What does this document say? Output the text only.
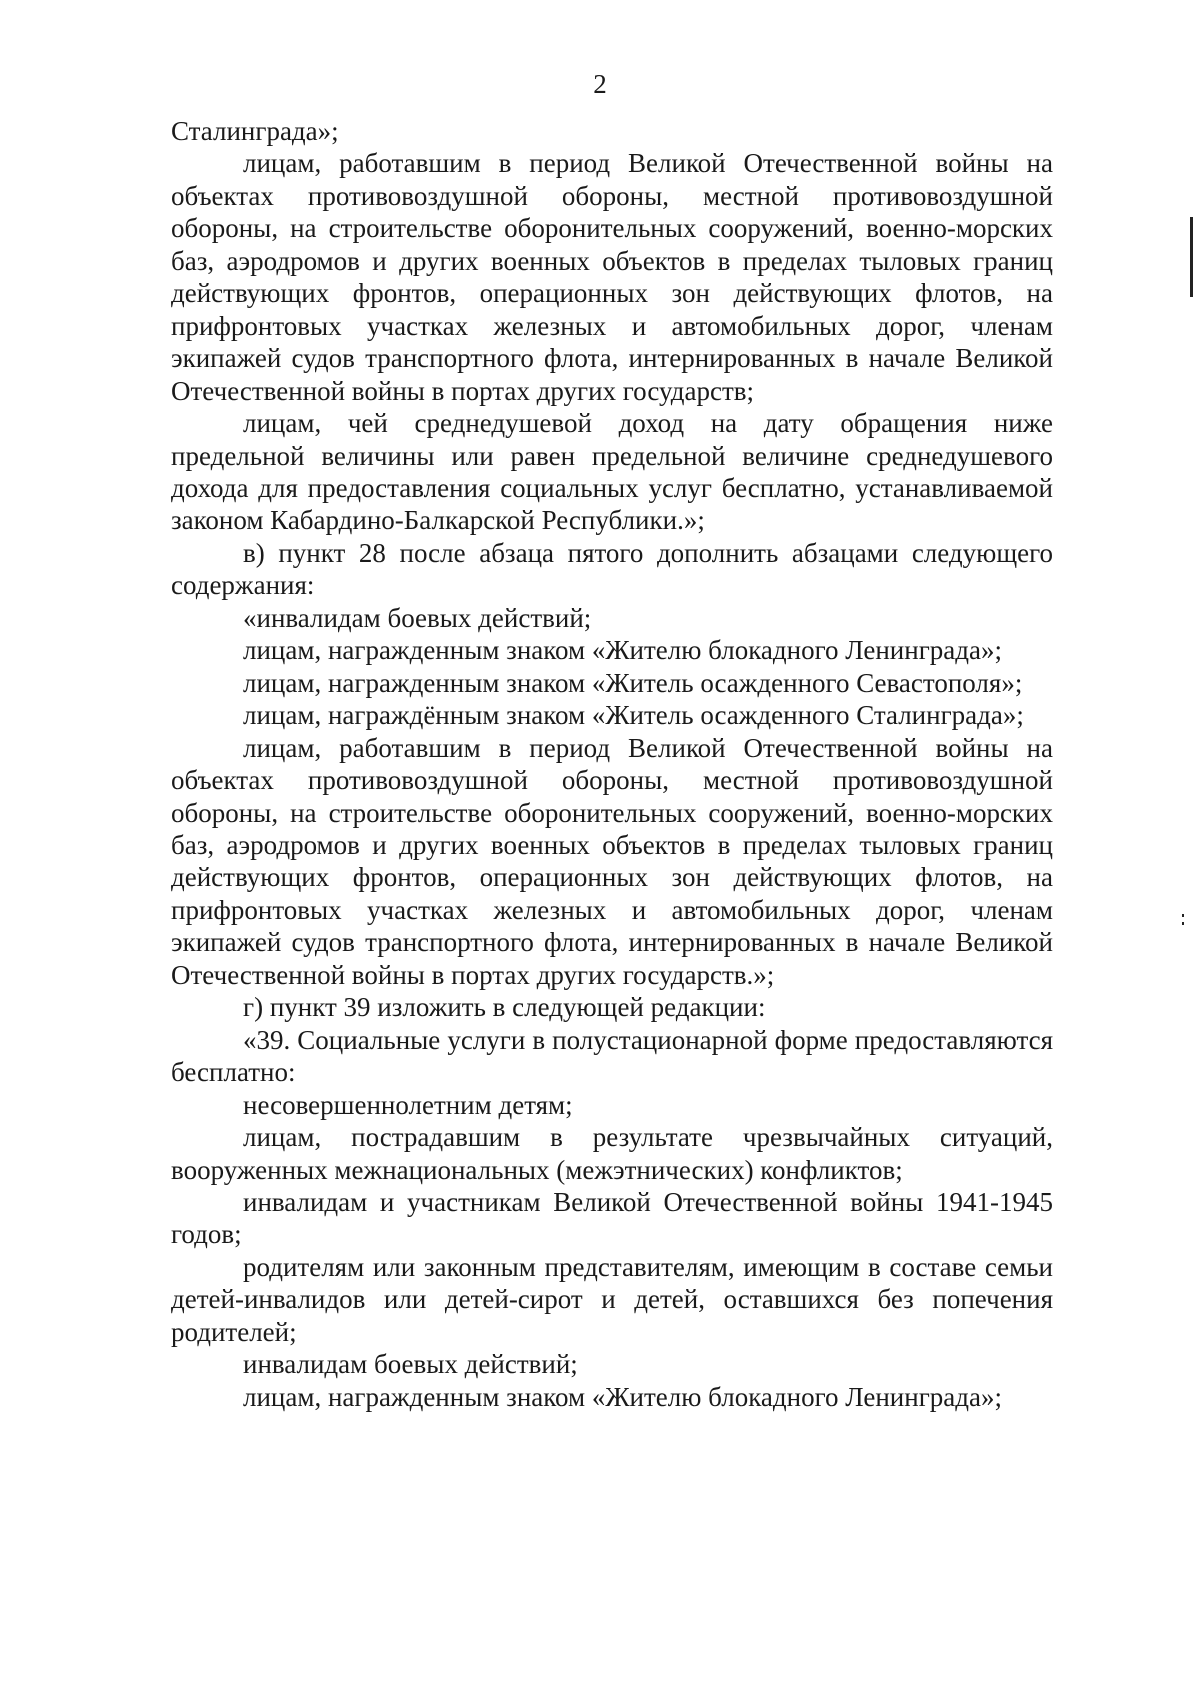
2

Сталинграда»;

лицам, работавшим в период Великой Отечественной войны на объектах противовоздушной обороны, местной противовоздушной обороны, на строительстве оборонительных сооружений, военно-морских баз, аэродромов и других военных объектов в пределах тыловых границ действующих фронтов, операционных зон действующих флотов, на прифронтовых участках железных и автомобильных дорог, членам экипажей судов транспортного флота, интернированных в начале Великой Отечественной войны в портах других государств;

лицам, чей среднедушевой доход на дату обращения ниже предельной величины или равен предельной величине среднедушевого дохода для предоставления социальных услуг бесплатно, устанавливаемой законом Кабардино-Балкарской Республики.»;

в) пункт 28 после абзаца пятого дополнить абзацами следующего содержания:

«инвалидам боевых действий;

лицам, награжденным знаком «Жителю блокадного Ленинграда»;

лицам, награжденным знаком «Житель осажденного Севастополя»;

лицам, награждённым знаком «Житель осажденного Сталинграда»;

лицам, работавшим в период Великой Отечественной войны на объектах противовоздушной обороны, местной противовоздушной обороны, на строительстве оборонительных сооружений, военно-морских баз, аэродромов и других военных объектов в пределах тыловых границ действующих фронтов, операционных зон действующих флотов, на прифронтовых участках железных и автомобильных дорог, членам экипажей судов транспортного флота, интернированных в начале Великой Отечественной войны в портах других государств.»;

г) пункт 39 изложить в следующей редакции:

«39. Социальные услуги в полустационарной форме предоставляются бесплатно:

несовершеннолетним детям;

лицам, пострадавшим в результате чрезвычайных ситуаций, вооруженных межнациональных (межэтнических) конфликтов;

инвалидам и участникам Великой Отечественной войны 1941-1945 годов;

родителям или законным представителям, имеющим в составе семьи детей-инвалидов или детей-сирот и детей, оставшихся без попечения родителей;

инвалидам боевых действий;

лицам, награжденным знаком «Жителю блокадного Ленинграда»;
